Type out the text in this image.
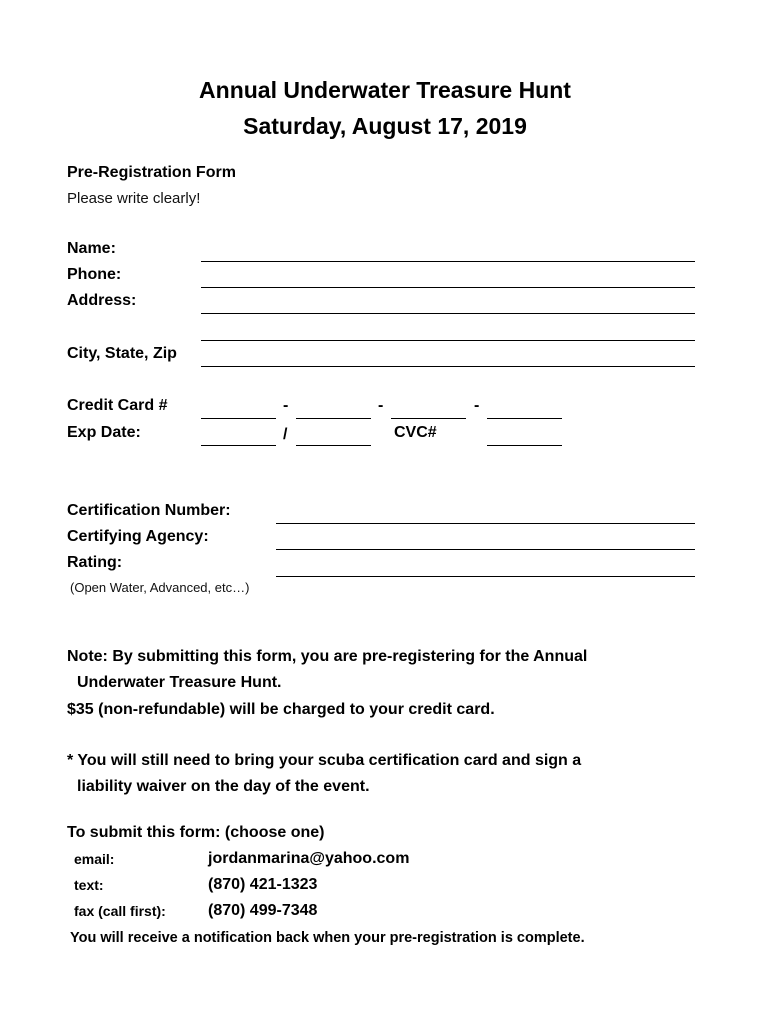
Annual Underwater Treasure Hunt
Saturday, August 17, 2019
Pre-Registration Form
Please write clearly!
Name:
Phone:
Address:
City, State, Zip
Credit Card #	-	-	-
Exp Date:	/	CVC#
Certification Number:
Certifying Agency:
Rating:
(Open Water, Advanced, etc…)
Note: By submitting this form, you are pre-registering for the Annual
Underwater Treasure Hunt.
$35 (non-refundable) will be charged to your credit card.
* You will still need to bring your scuba certification card and sign a
liability waiver on the day of the event.
To submit this form: (choose one)
email:	jordanmarina@yahoo.com
text:	(870) 421-1323
fax (call first):	(870) 499-7348
You will receive a notification back when your pre-registration is complete.
